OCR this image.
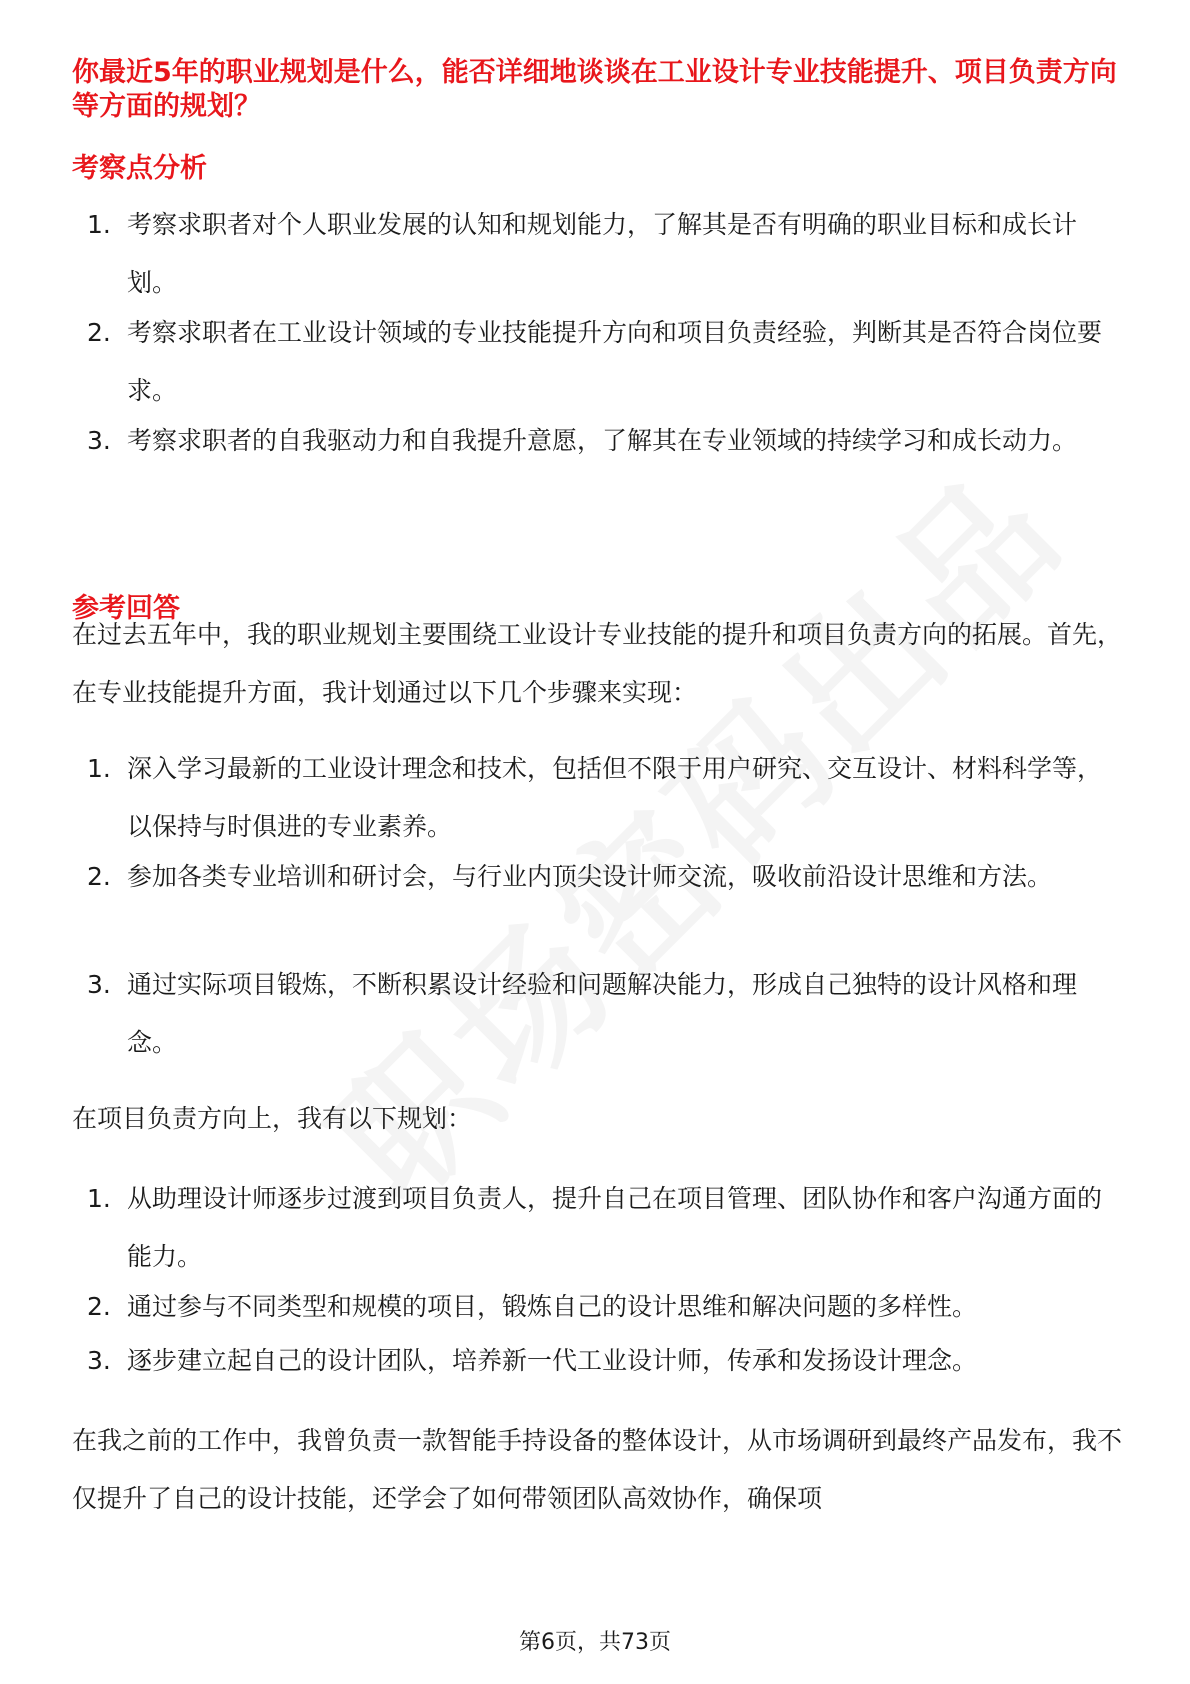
你最近5年的职业规划是什么，能否详细地谈谈在工业设计专业技能提升、项目负责方向等方面的规划？
考察点分析
1. 考察求职者对个人职业发展的认知和规划能力，了解其是否有明确的职业目标和成长计划。
2. 考察求职者在工业设计领域的专业技能提升方向和项目负责经验，判断其是否符合岗位要求。
3. 考察求职者的自我驱动力和自我提升意愿，了解其在专业领域的持续学习和成长动力。
参考回答
在过去五年中，我的职业规划主要围绕工业设计专业技能的提升和项目负责方向的拓展。首先，在专业技能提升方面，我计划通过以下几个步骤来实现：
1. 深入学习最新的工业设计理念和技术，包括但不限于用户研究、交互设计、材料科学等，以保持与时俱进的专业素养。
2. 参加各类专业培训和研讨会，与行业内顶尖设计师交流，吸收前沿设计思维和方法。
3. 通过实际项目锻炼，不断积累设计经验和问题解决能力，形成自己独特的设计风格和理念。
在项目负责方向上，我有以下规划：
1. 从助理设计师逐步过渡到项目负责人，提升自己在项目管理、团队协作和客户沟通方面的能力。
2. 通过参与不同类型和规模的项目，锻炼自己的设计思维和解决问题的多样性。
3. 逐步建立起自己的设计团队，培养新一代工业设计师，传承和发扬设计理念。
在我之前的工作中，我曾负责一款智能手持设备的整体设计，从市场调研到最终产品发布，我不仅提升了自己的设计技能，还学会了如何带领团队高效协作，确保项
第6页，共73页
